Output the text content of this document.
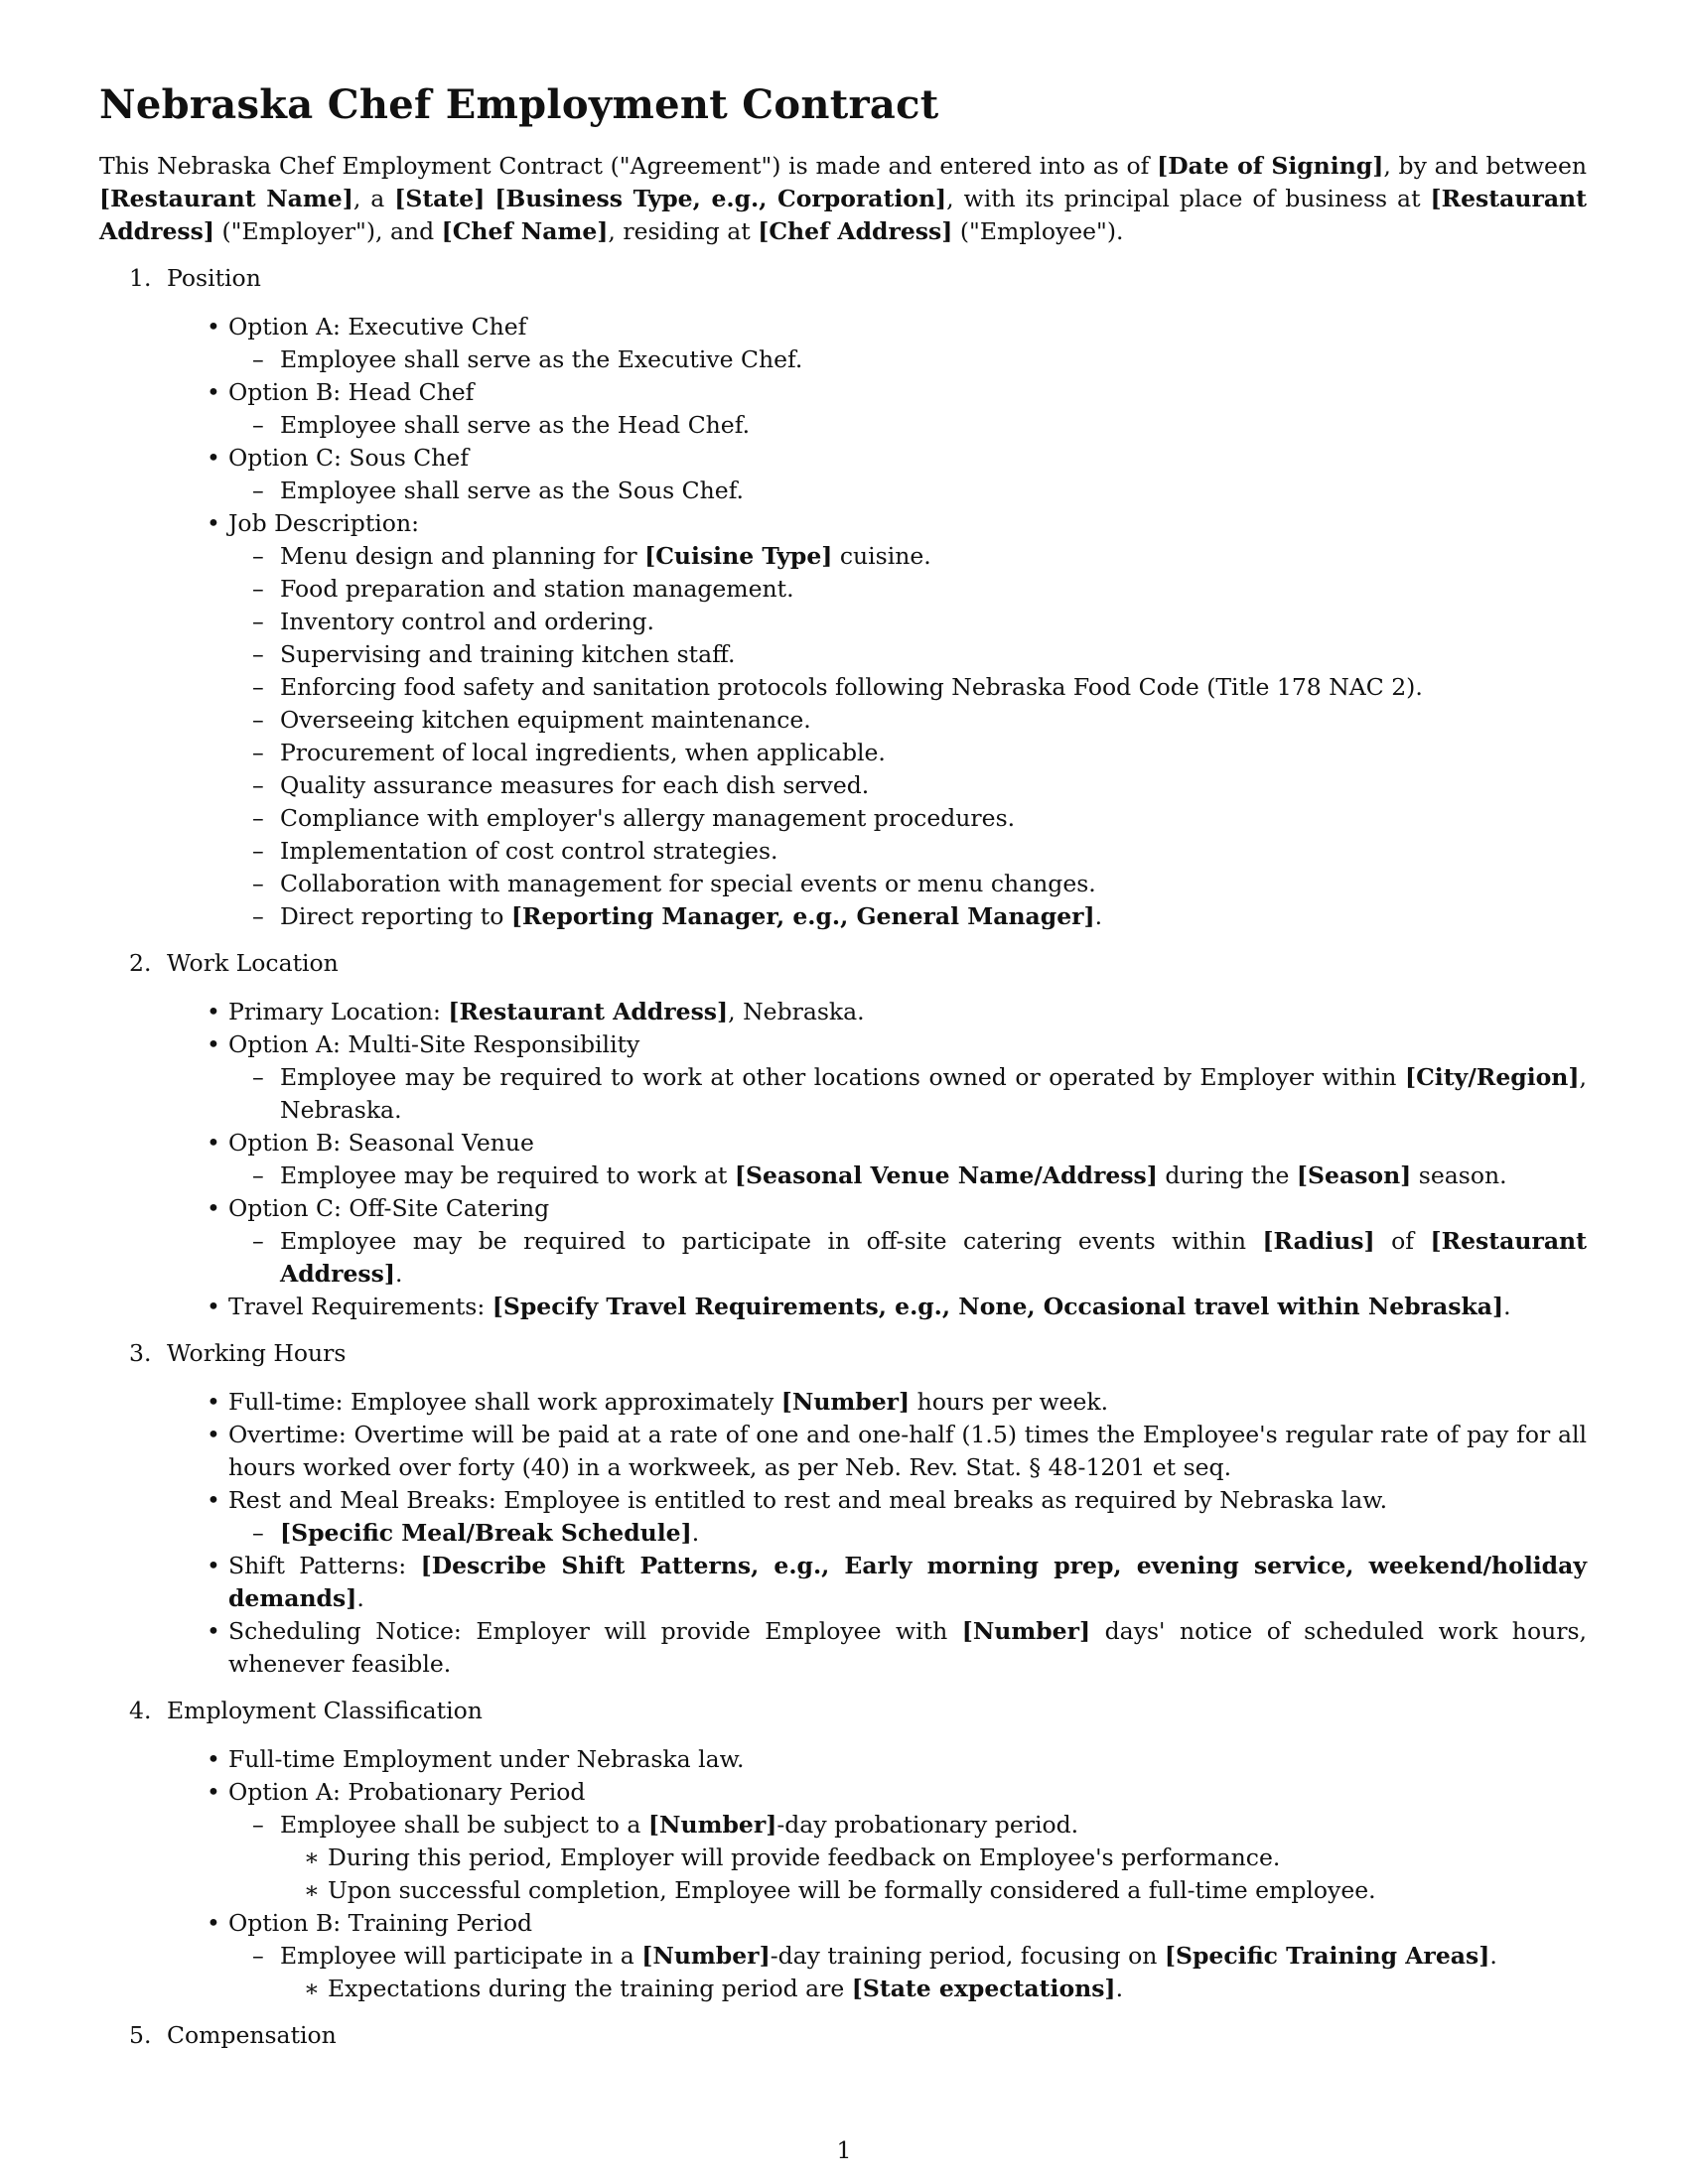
Nebraska Chef Employment Contract

This Nebraska Chef Employment Contract ("Agreement") is made and entered into as of [Date of Signing], by and between [Restaurant Name], a [State] [Business Type, e.g., Corporation], with its principal place of business at [Restaurant Address] ("Employer"), and [Chef Name], residing at [Chef Address] ("Employee").

1. Position
• Option A: Executive Chef
– Employee shall serve as the Executive Chef.
• Option B: Head Chef
– Employee shall serve as the Head Chef.
• Option C: Sous Chef
– Employee shall serve as the Sous Chef.
• Job Description:
– Menu design and planning for [Cuisine Type] cuisine.
– Food preparation and station management.
– Inventory control and ordering.
– Supervising and training kitchen staff.
– Enforcing food safety and sanitation protocols following Nebraska Food Code (Title 178 NAC 2).
– Overseeing kitchen equipment maintenance.
– Procurement of local ingredients, when applicable.
– Quality assurance measures for each dish served.
– Compliance with employer's allergy management procedures.
– Implementation of cost control strategies.
– Collaboration with management for special events or menu changes.
– Direct reporting to [Reporting Manager, e.g., General Manager].
2. Work Location
• Primary Location: [Restaurant Address], Nebraska.
• Option A: Multi-Site Responsibility
– Employee may be required to work at other locations owned or operated by Employer within [City/Region], Nebraska.
• Option B: Seasonal Venue
– Employee may be required to work at [Seasonal Venue Name/Address] during the [Season] season.
• Option C: Off-Site Catering
– Employee may be required to participate in off-site catering events within [Radius] of [Restaurant Address].
• Travel Requirements: [Specify Travel Requirements, e.g., None, Occasional travel within Nebraska].
3. Working Hours
• Full-time: Employee shall work approximately [Number] hours per week.
• Overtime: Overtime will be paid at a rate of one and one-half (1.5) times the Employee's regular rate of pay for all hours worked over forty (40) in a workweek, as per Neb. Rev. Stat. § 48-1201 et seq.
• Rest and Meal Breaks: Employee is entitled to rest and meal breaks as required by Nebraska law.
– [Specific Meal/Break Schedule].
• Shift Patterns: [Describe Shift Patterns, e.g., Early morning prep, evening service, weekend/holiday demands].
• Scheduling Notice: Employer will provide Employee with [Number] days' notice of scheduled work hours, whenever feasible.
4. Employment Classification
• Full-time Employment under Nebraska law.
• Option A: Probationary Period
– Employee shall be subject to a [Number]-day probationary period.
∗ During this period, Employer will provide feedback on Employee's performance.
∗ Upon successful completion, Employee will be formally considered a full-time employee.
• Option B: Training Period
– Employee will participate in a [Number]-day training period, focusing on [Specific Training Areas].
∗ Expectations during the training period are [State expectations].
5. Compensation
1
